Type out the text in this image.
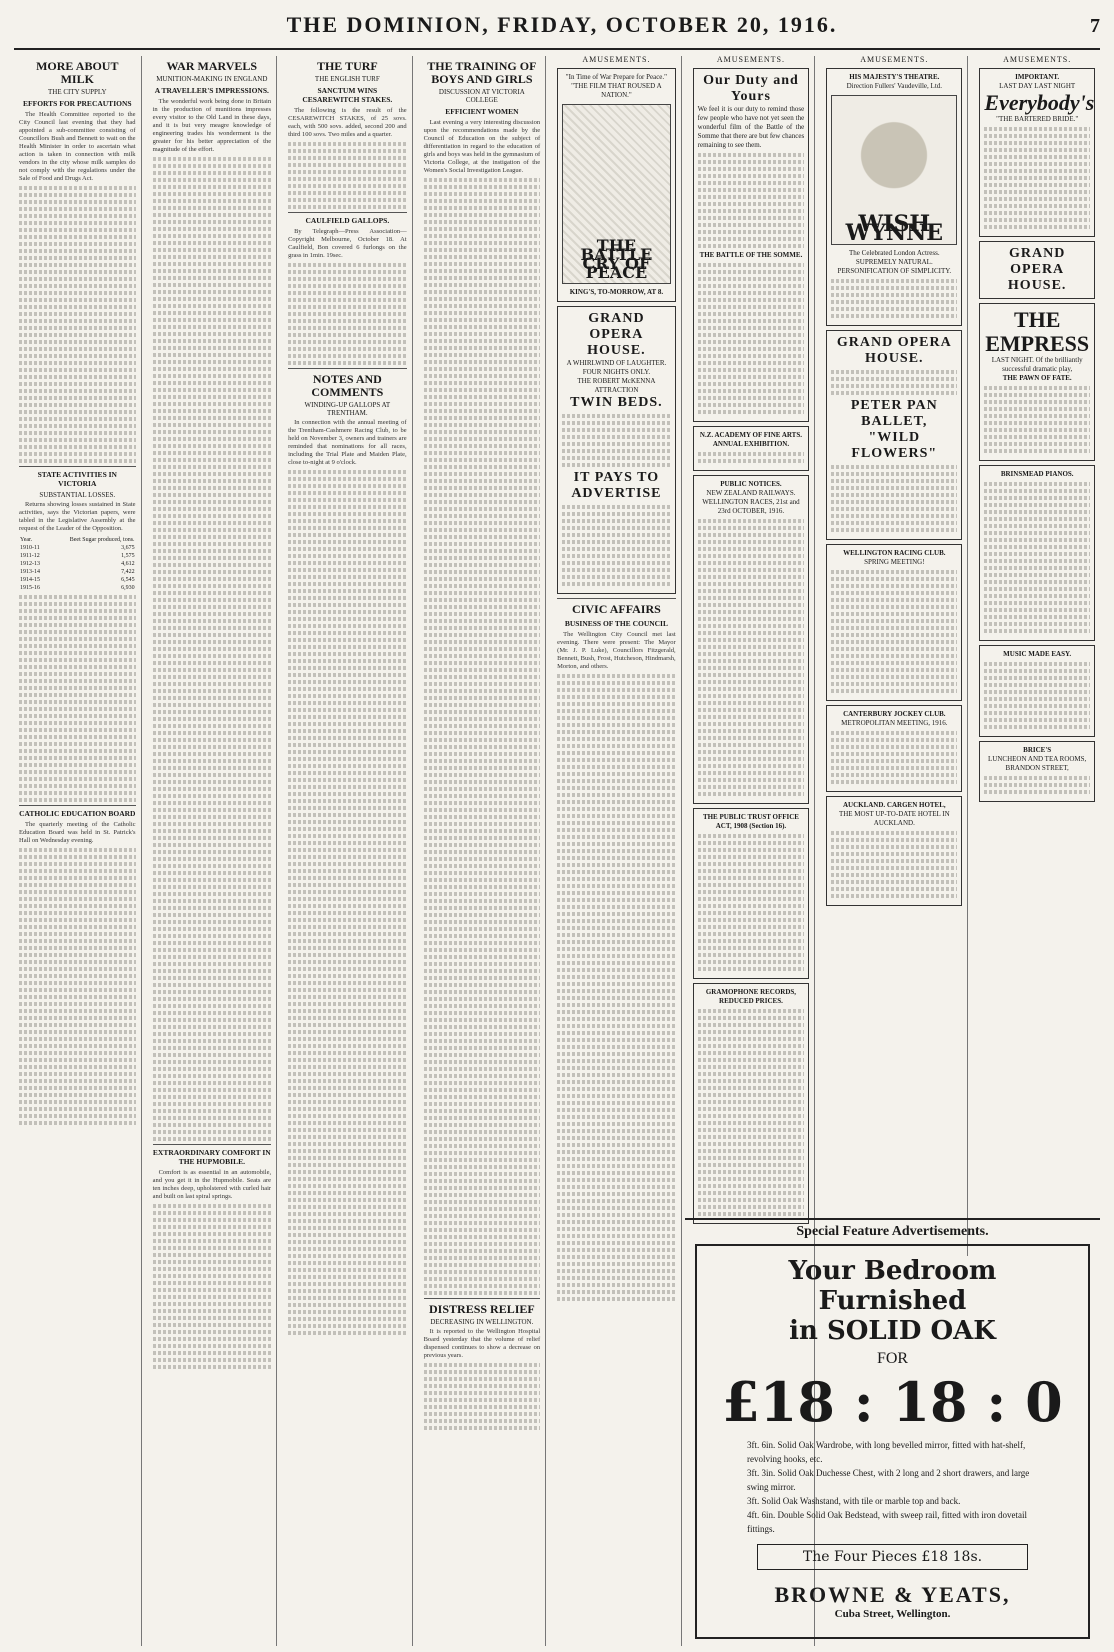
THE DOMINION, FRIDAY, OCTOBER 20, 1916.	7
MORE ABOUT MILK
THE CITY SUPPLY
EFFORTS FOR PRECAUTIONS

The Health Committee reported to the City Council last evening that they had appointed a sub-committee consisting of Councillors Bush and Bennett to wait on the Health Minister in order to ascertain what action is taken in connection with milk vendors in the city whose milk samples do not comply with the regulations under the Sale of Food and Drugs Act.

STATE ACTIVITIES IN VICTORIA
SUBSTANTIAL LOSSES.

Returns showing losses sustained in State activities, says the Victorian papers, were tabled in the Legislative Assembly at the request of the Leader of the Opposition.

Year.	Beet Sugar produced, tons.
1910-11	3,675
1911-12	1,575
1912-13	4,612
1913-14	7,422
1914-15	6,545
1915-16	6,930
CATHOLIC EDUCATION BOARD

The quarterly meeting of the Catholic Education Board was held in St. Patrick's Hall on Wednesday evening.

WAR MARVELS
MUNITION-MAKING IN ENGLAND
A TRAVELLER'S IMPRESSIONS.

The wonderful work being done in Britain in the production of munitions impresses every visitor to the Old Land in these days, and it is but very meagre knowledge of engineering trades his wonderment is the greater for his better appreciation of the magnitude of the effort.

EXTRAORDINARY COMFORT IN THE HUPMOBILE.

Comfort is as essential in an automobile, and you get it in the Hupmobile. Seats are ten inches deep, upholstered with curled hair and built on last spiral springs.

THE TURF
THE ENGLISH TURF
SANCTUM WINS CESAREWITCH STAKES.

The following is the result of the CESAREWITCH STAKES, of 25 sovs. each, with 500 sovs. added, second 200 and third 100 sovs. Two miles and a quarter.

CAULFIELD GALLOPS.

By Telegraph—Press Association—Copyright Melbourne, October 18. At Caulfield, Bon covered 6 furlongs on the grass in 1min. 19sec.

NOTES AND COMMENTS
WINDING-UP GALLOPS AT TRENTHAM.

In connection with the annual meeting of the Trentham-Cashmere Racing Club, to be held on November 3, owners and trainers are reminded that nominations for all races, including the Trial Plate and Maiden Plate, close to-night at 9 o'clock.

THE TRAINING OF BOYS AND GIRLS
DISCUSSION AT VICTORIA COLLEGE
EFFICIENT WOMEN

Last evening a very interesting discussion upon the recommendations made by the Council of Education on the subject of differentiation in regard to the education of girls and boys was held in the gymnasium of Victoria College, at the instigation of the Women's Social Investigation League.

DISTRESS RELIEF
DECREASING IN WELLINGTON.

It is reported to the Wellington Hospital Board yesterday that the volume of relief dispensed continues to show a decrease on previous years.

AMUSEMENTS.
"In Time of War Prepare for Peace."
"THE FILM THAT ROUSED A NATION."
THE BATTLE CRY OF PEACE
KING'S, TO-MORROW, AT 8.
GRAND OPERA HOUSE.
A WHIRLWIND OF LAUGHTER.
FOUR NIGHTS ONLY.
THE ROBERT McKENNA ATTRACTION
TWIN BEDS.
IT PAYS TO ADVERTISE
CIVIC AFFAIRS
BUSINESS OF THE COUNCIL

The Wellington City Council met last evening. There were present: The Mayor (Mr. J. P. Luke), Councillors Fitzgerald, Bennett, Bush, Frost, Hutcheson, Hindmarsh, Morton, and others.

AMUSEMENTS.
Our Duty and Yours
We feel it is our duty to remind those few people who have not yet seen the wonderful film of the Battle of the Somme that there are but few chances remaining to see them.
THE BATTLE OF THE SOMME.
N.Z. ACADEMY OF FINE ARTS. ANNUAL EXHIBITION.
PUBLIC NOTICES.
NEW ZEALAND RAILWAYS.
WELLINGTON RACES, 21st and 23rd OCTOBER, 1916.
THE PUBLIC TRUST OFFICE ACT, 1908 (Section 16).
GRAMOPHONE RECORDS, REDUCED PRICES.
AMUSEMENTS.
HIS MAJESTY'S THEATRE.
Direction Fullers' Vaudeville, Ltd.
WISH WYNNE
The Celebrated London Actress. SUPREMELY NATURAL. PERSONIFICATION OF SIMPLICITY.
GRAND OPERA HOUSE.
PETER PAN BALLET,
"WILD FLOWERS"
WELLINGTON RACING CLUB.
SPRING MEETING!
CANTERBURY JOCKEY CLUB.
METROPOLITAN MEETING, 1916.
AUCKLAND. CARGEN HOTEL,
THE MOST UP-TO-DATE HOTEL IN AUCKLAND.
AMUSEMENTS.
IMPORTANT.
LAST DAY LAST NIGHT
Everybody's
"THE BARTERED BRIDE."
GRAND OPERA HOUSE.
THE EMPRESS
LAST NIGHT. Of the brilliantly successful dramatic play,
THE PAWN OF FATE.
BRINSMEAD PIANOS.
MUSIC MADE EASY.
BRICE'S
LUNCHEON AND TEA ROOMS, BRANDON STREET,
Special Feature Advertisements.
Your Bedroom Furnished
in SOLID OAK
FOR
£18 : 18 : 0
3ft. 6in. Solid Oak Wardrobe, with long bevelled mirror, fitted with hat-shelf, revolving hooks, etc.
3ft. 3in. Solid Oak Duchesse Chest, with 2 long and 2 short drawers, and large swing mirror.
3ft. Solid Oak Washstand, with tile or marble top and back.
4ft. 6in. Double Solid Oak Bedstead, with sweep rail, fitted with iron dovetail fittings.
The Four Pieces £18 18s.
BROWNE & YEATS,
Cuba Street, Wellington.
